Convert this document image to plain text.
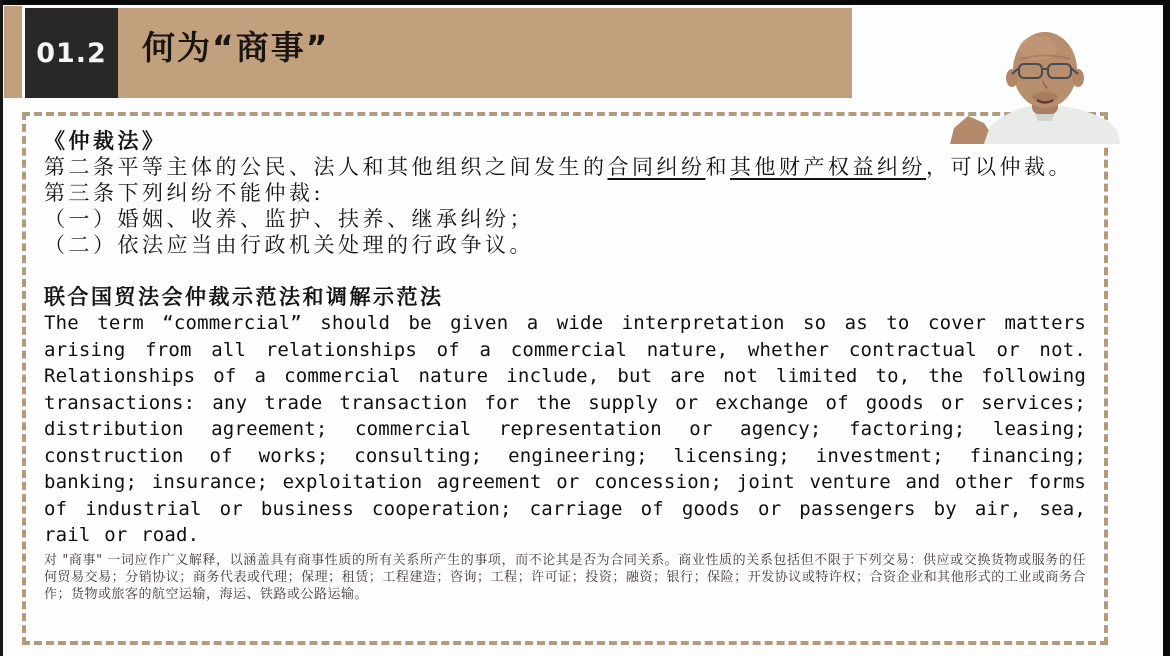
01.2	何为“商事”

《仲裁法》

第二条平等主体的公民、法人和其他组织之间发生的合同纠纷和其他财产权益纠纷，可以仲裁。

第三条下列纠纷不能仲裁:

（一）婚姻、收养、监护、扶养、继承纠纷；

（二）依法应当由行政机关处理的行政争议。

联合国贸法会仲裁示范法和调解示范法

The term “commercial” should be given a wide interpretation so as to cover matters arising from all relationships of a commercial nature, whether contractual or not. Relationships of a commercial nature include, but are not limited to, the following transactions: any trade transaction for the supply or exchange of goods or services; distribution agreement; commercial representation or agency; factoring; leasing; construction of works; consulting; engineering; licensing; investment; financing; banking; insurance; exploitation agreement or concession; joint venture and other forms of industrial or business cooperation; carriage of goods or passengers by air, sea, rail or road.

对 "商事" 一词应作广义解释，以涵盖具有商事性质的所有关系所产生的事项，而不论其是否为合同关系。商业性质的关系包括但不限于下列交易：供应或交换货物或服务的任何贸易交易；分销协议；商务代表或代理；保理；租赁；工程建造；咨询；工程；许可证；投资；融资；银行；保险；开发协议或特许权；合资企业和其他形式的工业或商务合作；货物或旅客的航空运输，海运、铁路或公路运输。
